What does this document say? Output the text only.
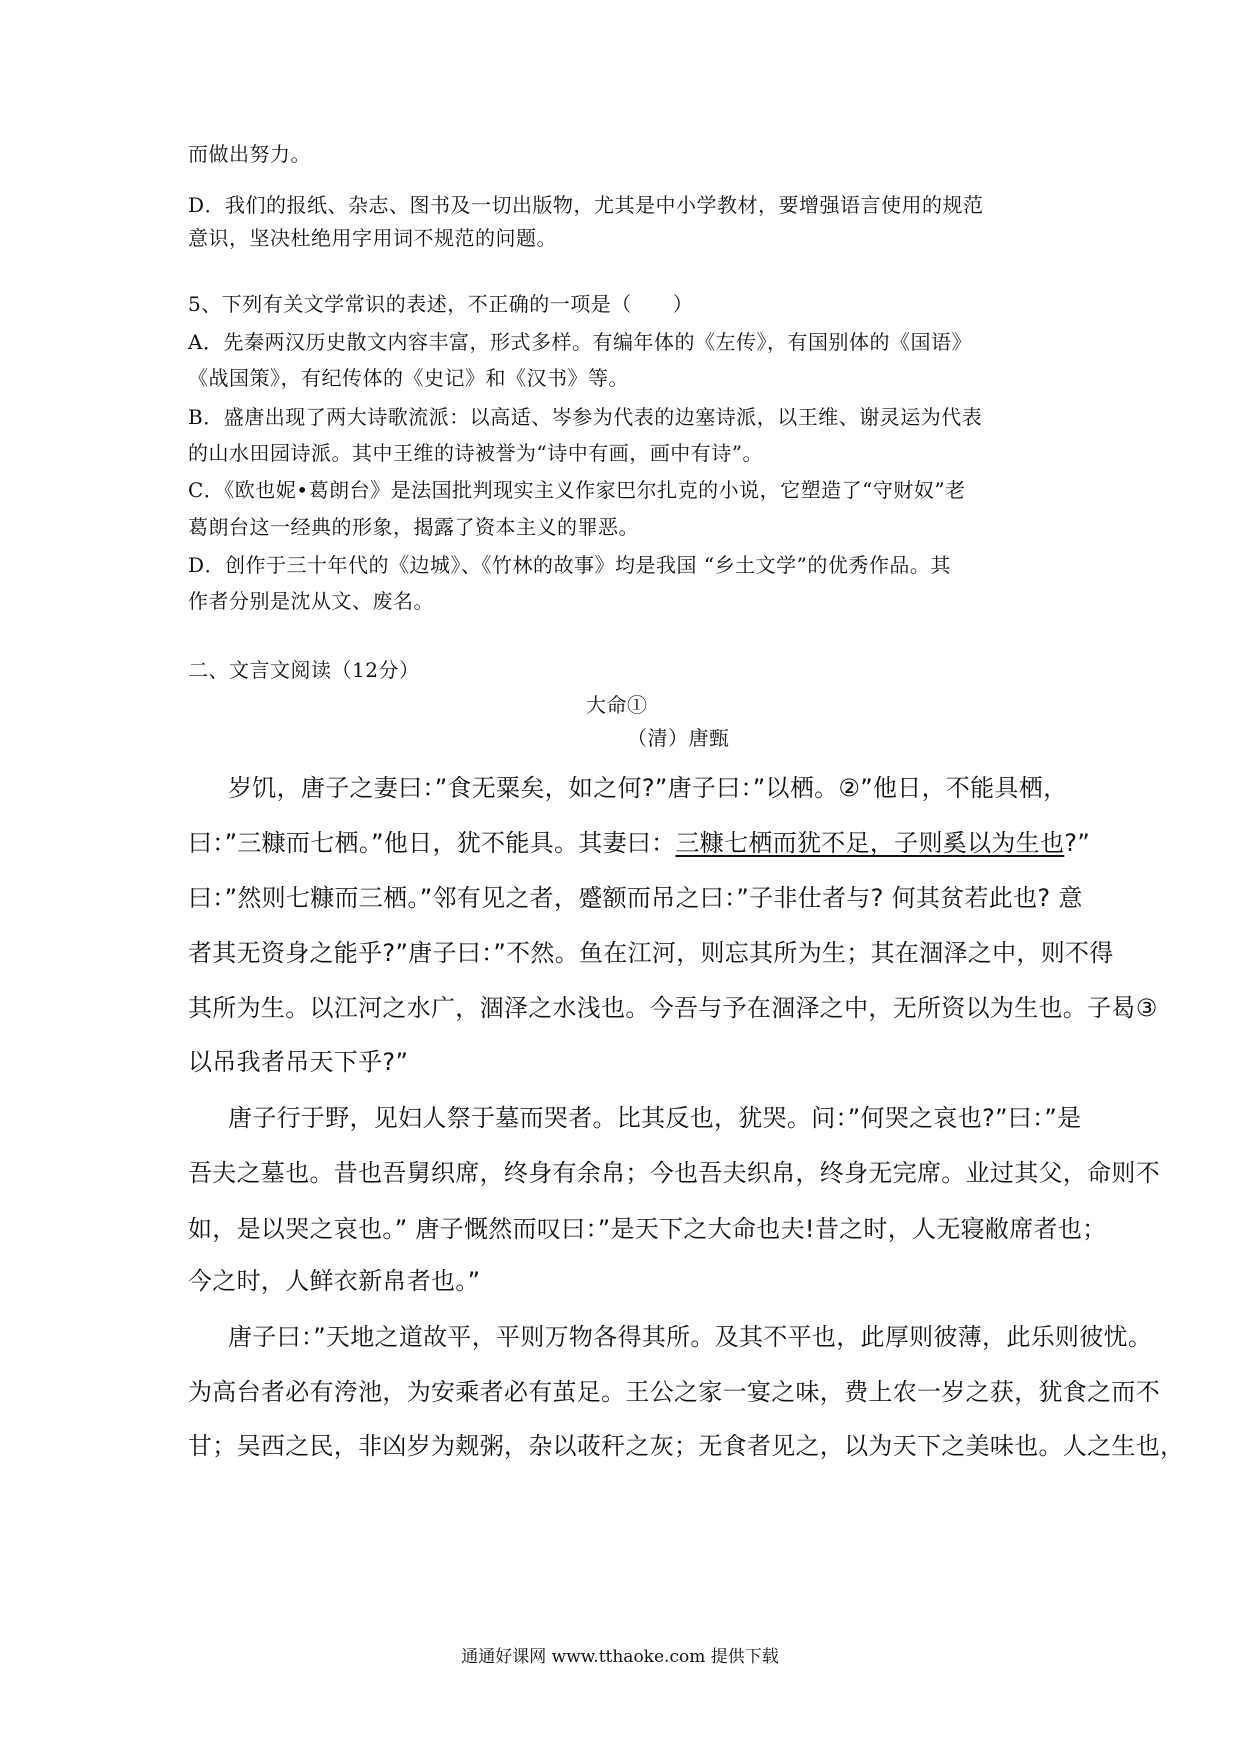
而做出努力。
D．我们的报纸、杂志、图书及一切出版物，尤其是中小学教材，要增强语言使用的规范
意识，坚决杜绝用字用词不规范的问题。
5、下列有关文学常识的表述，不正确的一项是（　　）
A．先秦两汉历史散文内容丰富，形式多样。有编年体的《左传》，有国别体的《国语》
《战国策》，有纪传体的《史记》和《汉书》等。
B．盛唐出现了两大诗歌流派：以高适、岑参为代表的边塞诗派，以王维、谢灵运为代表
的山水田园诗派。其中王维的诗被誉为“诗中有画，画中有诗”。
C．《欧也妮•葛朗台》是法国批判现实主义作家巴尔扎克的小说，它塑造了“守财奴”老
葛朗台这一经典的形象，揭露了资本主义的罪恶。
D．创作于三十年代的《边城》、《竹林的故事》均是我国 “乡土文学”的优秀作品。其
作者分别是沈从文、废名。
二、文言文阅读（12分）
大命①
（清）唐甄
岁饥，唐子之妻曰：”食无粟矣，如之何?”唐子曰：”以栖。②”他日，不能具栖，
曰：”三糠而七栖。”他日，犹不能具。其妻曰：三糠七栖而犹不足，子则奚以为生也?”
曰：”然则七糠而三栖。”邻有见之者，蹙额而吊之曰：”子非仕者与? 何其贫若此也? 意
者其无资身之能乎?”唐子曰：”不然。鱼在江河，则忘其所为生；其在涸泽之中，则不得
其所为生。以江河之水广，涸泽之水浅也。今吾与予在涸泽之中，无所资以为生也。子曷③
以吊我者吊天下乎?”
唐子行于野，见妇人祭于墓而哭者。比其反也，犹哭。问：”何哭之哀也?”曰：”是
吾夫之墓也。昔也吾舅织席，终身有余帛；今也吾夫织帛，终身无完席。业过其父，命则不
如，是以哭之哀也。” 唐子慨然而叹曰：”是天下之大命也夫!昔之时，人无寝敝席者也；
今之时，人鲜衣新帛者也。”
唐子曰：”天地之道故平，平则万物各得其所。及其不平也，此厚则彼薄，此乐则彼忧。
为高台者必有洿池，为安乘者必有茧足。王公之家一宴之味，费上农一岁之获，犹食之而不
甘；吴西之民，非凶岁为觌粥，杂以荍秆之灰；无食者见之，以为天下之美味也。人之生也，
通通好课网 www.tthaoke.com 提供下载
